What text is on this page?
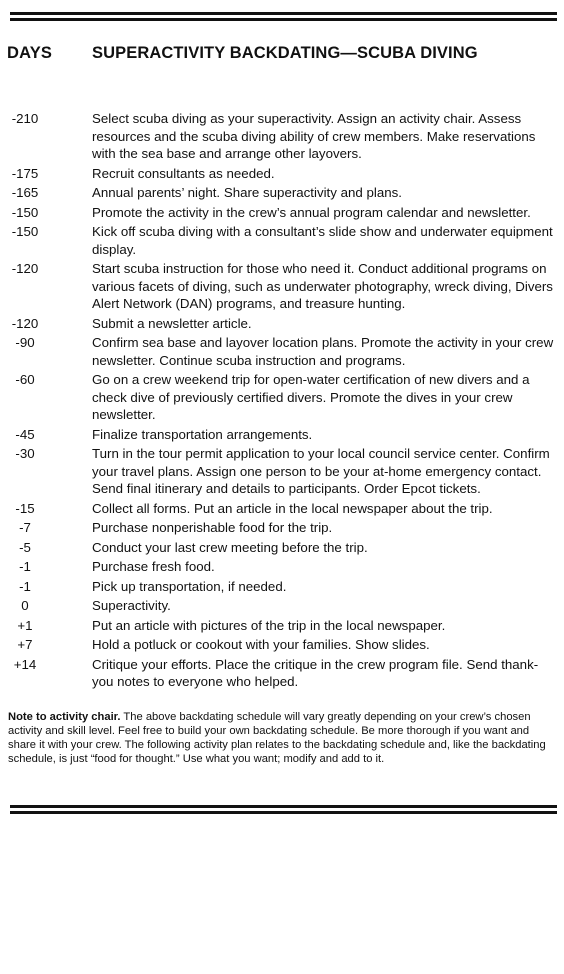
DAYS SUPERACTIVITY BACKDATING—SCUBA DIVING
-210	Select scuba diving as your superactivity. Assign an activity chair. Assess resources and the scuba diving ability of crew members. Make reservations with the sea base and arrange other layovers.
-175	Recruit consultants as needed.
-165	Annual parents’ night. Share superactivity and plans.
-150	Promote the activity in the crew’s annual program calendar and newsletter.
-150	Kick off scuba diving with a consultant’s slide show and underwater equipment display.
-120	Start scuba instruction for those who need it. Conduct additional programs on various facets of diving, such as underwater photography, wreck diving, Divers Alert Network (DAN) programs, and treasure hunting.
-120	Submit a newsletter article.
-90	Confirm sea base and layover location plans. Promote the activity in your crew newsletter. Continue scuba instruction and programs.
-60	Go on a crew weekend trip for open-water certification of new divers and a check dive of previously certified divers. Promote the dives in your crew newsletter.
-45	Finalize transportation arrangements.
-30	Turn in the tour permit application to your local council service center. Confirm your travel plans. Assign one person to be your at-home emergency contact. Send final itinerary and details to participants. Order Epcot tickets.
-15	Collect all forms. Put an article in the local newspaper about the trip.
-7	Purchase nonperishable food for the trip.
-5	Conduct your last crew meeting before the trip.
-1	Purchase fresh food.
-1	Pick up transportation, if needed.
0	Superactivity.
+1	Put an article with pictures of the trip in the local newspaper.
+7	Hold a potluck or cookout with your families. Show slides.
+14	Critique your efforts. Place the critique in the crew program file. Send thank-you notes to everyone who helped.
Note to activity chair. The above backdating schedule will vary greatly depending on your crew’s chosen activity and skill level. Feel free to build your own backdating schedule. Be more thorough if you want and share it with your crew. The following activity plan relates to the backdating schedule and, like the backdating schedule, is just “food for thought.” Use what you want; modify and add to it.
